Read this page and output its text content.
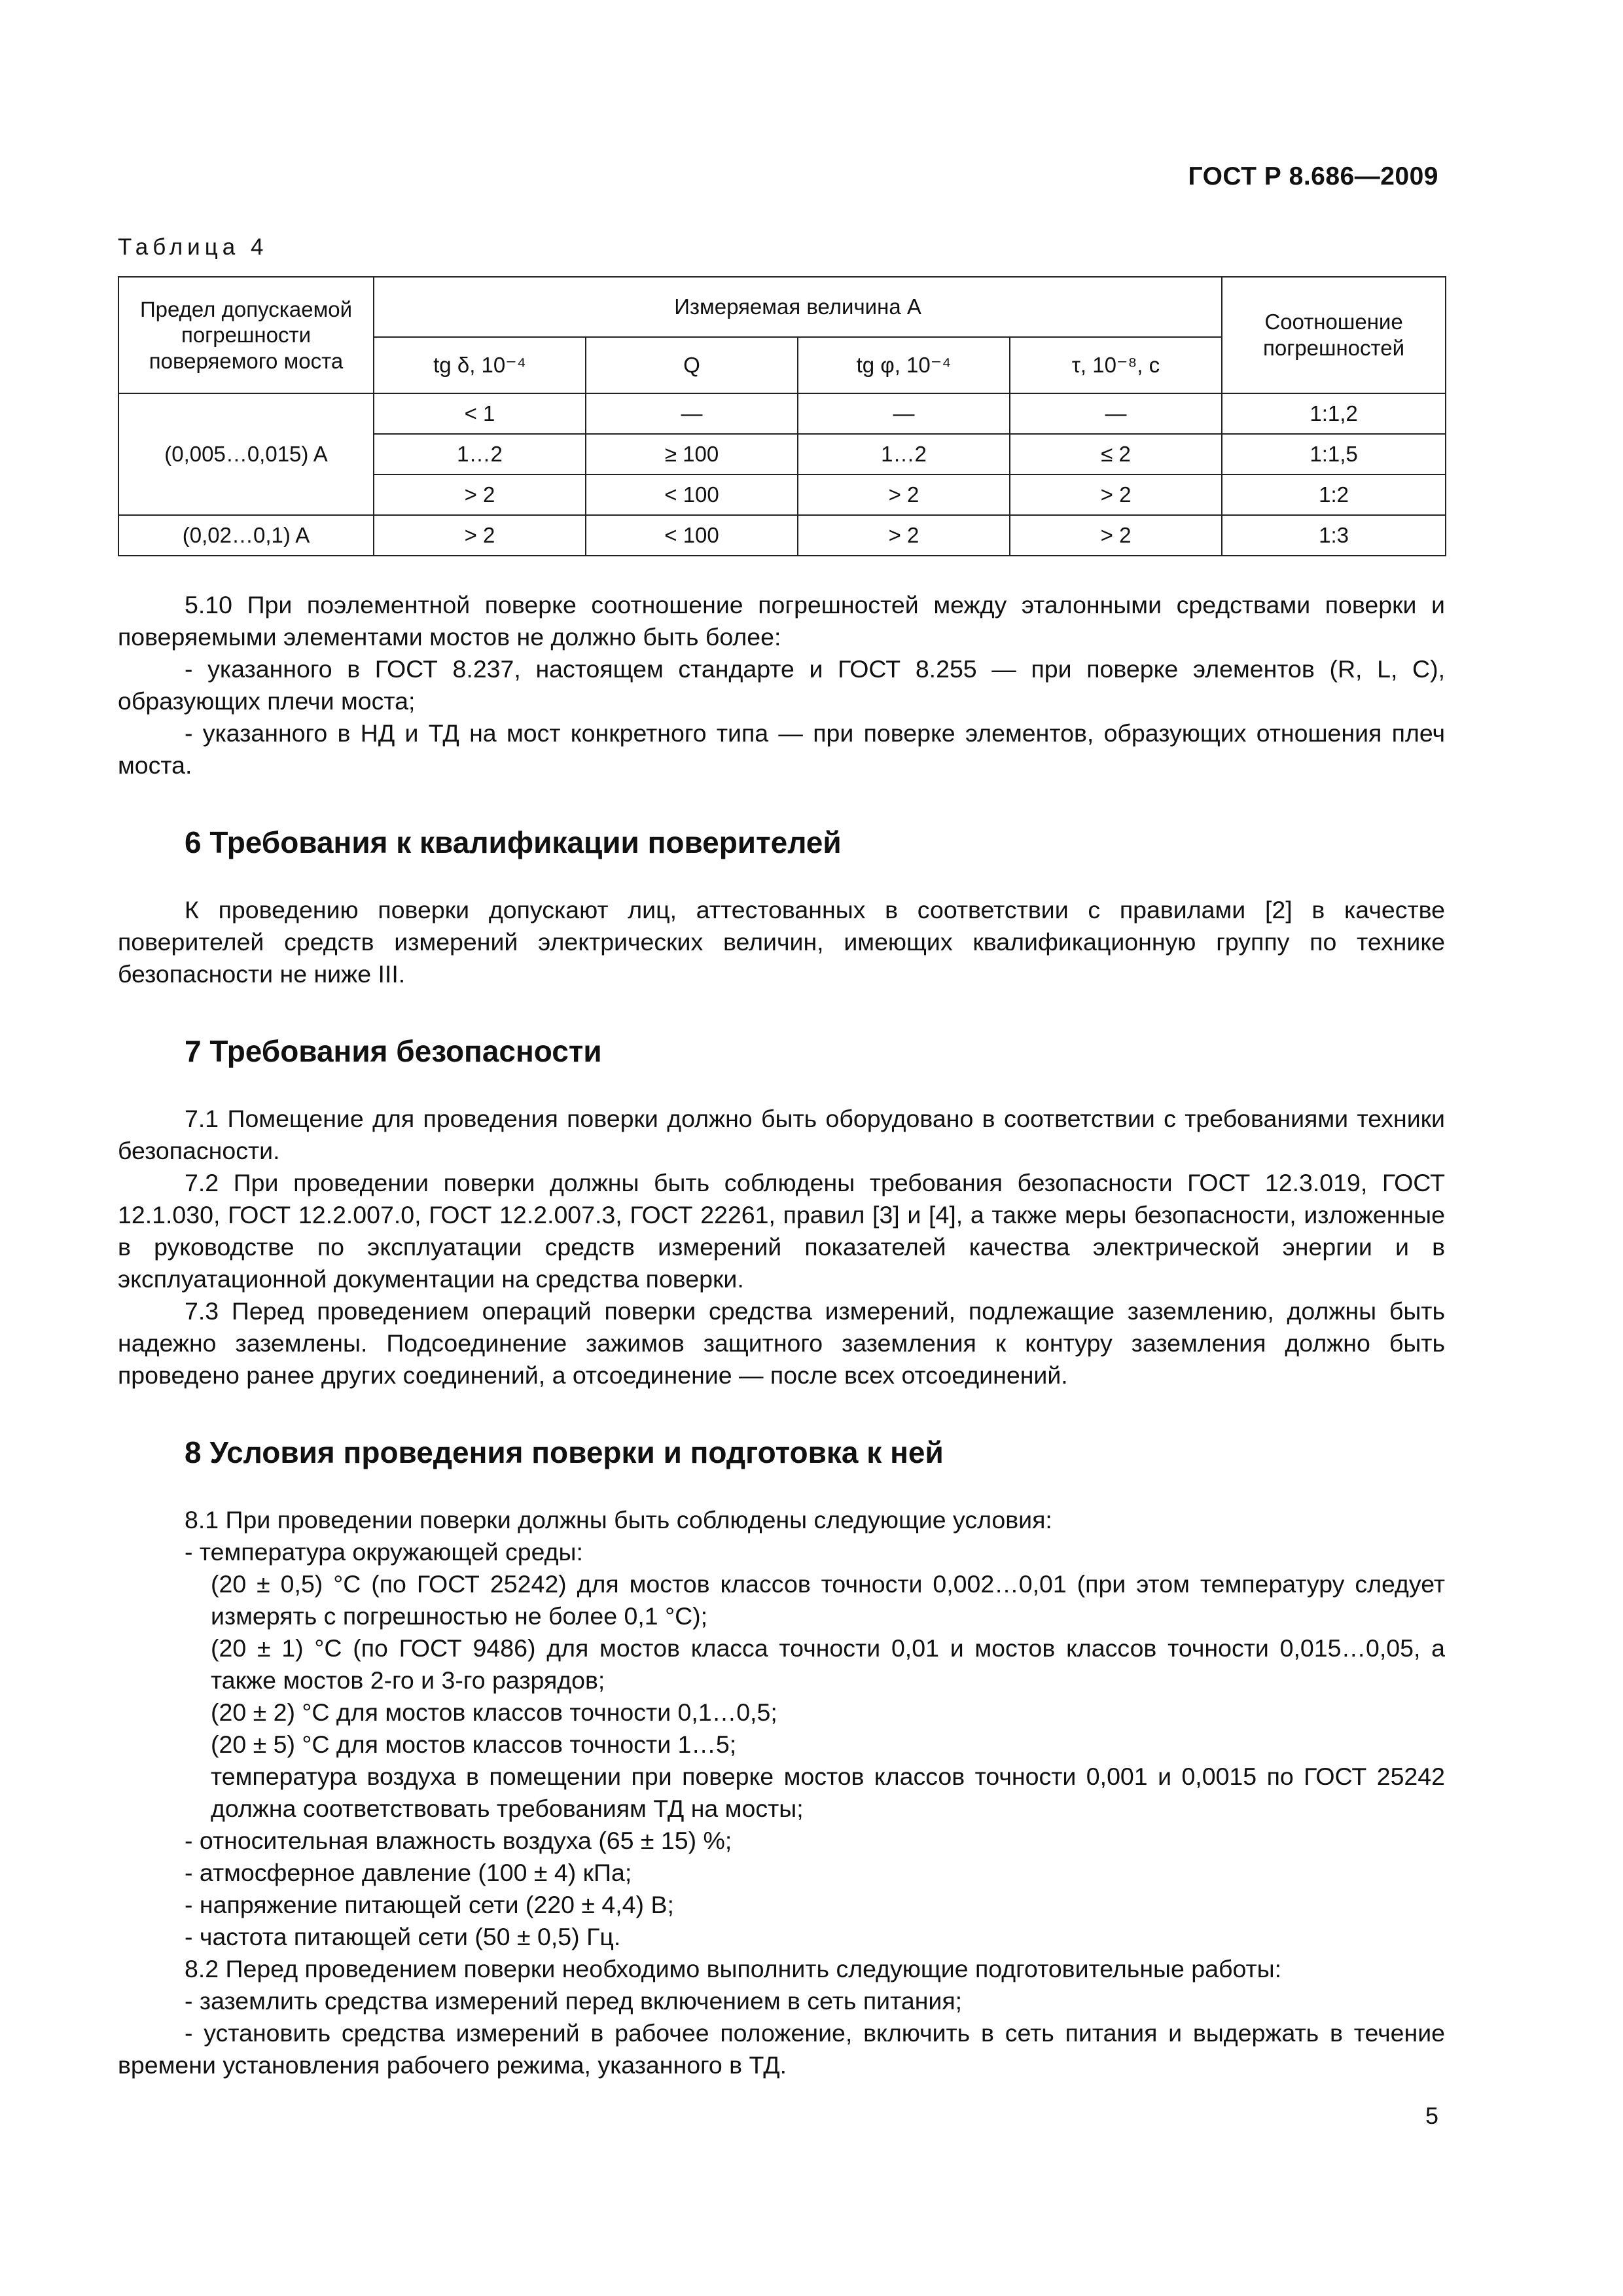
ГОСТ Р 8.686—2009
Таблица 4
Предел допускаемой погрешности поверяемого моста	Измеряемая величина A				Соотношение погрешностей
	tg δ, 10⁻⁴	Q	tg φ, 10⁻⁴	τ, 10⁻⁸, с	
(0,005…0,015) A	< 1	—	—	—	1:1,2
	1…2	≥ 100	1…2	≤ 2	1:1,5
	> 2	< 100	> 2	> 2	1:2
(0,02…0,1) A	> 2	< 100	> 2	> 2	1:3

5.10 При поэлементной поверке соотношение погрешностей между эталонными средствами поверки и поверяемыми элементами мостов не должно быть более:

- указанного в ГОСТ 8.237, настоящем стандарте и ГОСТ 8.255 — при поверке элементов (R, L, C), образующих плечи моста;

- указанного в НД и ТД на мост конкретного типа — при поверке элементов, образующих отношения плеч моста.

6 Требования к квалификации поверителей

К проведению поверки допускают лиц, аттестованных в соответствии с правилами [2] в качестве поверителей средств измерений электрических величин, имеющих квалификационную группу по технике безопасности не ниже III.

7 Требования безопасности

7.1 Помещение для проведения поверки должно быть оборудовано в соответствии с требованиями техники безопасности.

7.2 При проведении поверки должны быть соблюдены требования безопасности ГОСТ 12.3.019, ГОСТ 12.1.030, ГОСТ 12.2.007.0, ГОСТ 12.2.007.3, ГОСТ 22261, правил [3] и [4], а также меры безопасности, изложенные в руководстве по эксплуатации средств измерений показателей качества электрической энергии и в эксплуатационной документации на средства поверки.

7.3 Перед проведением операций поверки средства измерений, подлежащие заземлению, должны быть надежно заземлены. Подсоединение зажимов защитного заземления к контуру заземления должно быть проведено ранее других соединений, а отсоединение — после всех отсоединений.

8 Условия проведения поверки и подготовка к ней

8.1 При проведении поверки должны быть соблюдены следующие условия:

- температура окружающей среды:

(20 ± 0,5) °С (по ГОСТ 25242) для мостов классов точности 0,002…0,01 (при этом температуру следует измерять с погрешностью не более 0,1 °С);

(20 ± 1) °С (по ГОСТ 9486) для мостов класса точности 0,01 и мостов классов точности 0,015…0,05, а также мостов 2-го и 3-го разрядов;

(20 ± 2) °С для мостов классов точности 0,1…0,5;

(20 ± 5) °С для мостов классов точности 1…5;

температура воздуха в помещении при поверке мостов классов точности 0,001 и 0,0015 по ГОСТ 25242 должна соответствовать требованиям ТД на мосты;

- относительная влажность воздуха (65 ± 15) %;

- атмосферное давление (100 ± 4) кПа;

- напряжение питающей сети (220 ± 4,4) В;

- частота питающей сети (50 ± 0,5) Гц.

8.2 Перед проведением поверки необходимо выполнить следующие подготовительные работы:

- заземлить средства измерений перед включением в сеть питания;

- установить средства измерений в рабочее положение, включить в сеть питания и выдержать в течение времени установления рабочего режима, указанного в ТД.

5
